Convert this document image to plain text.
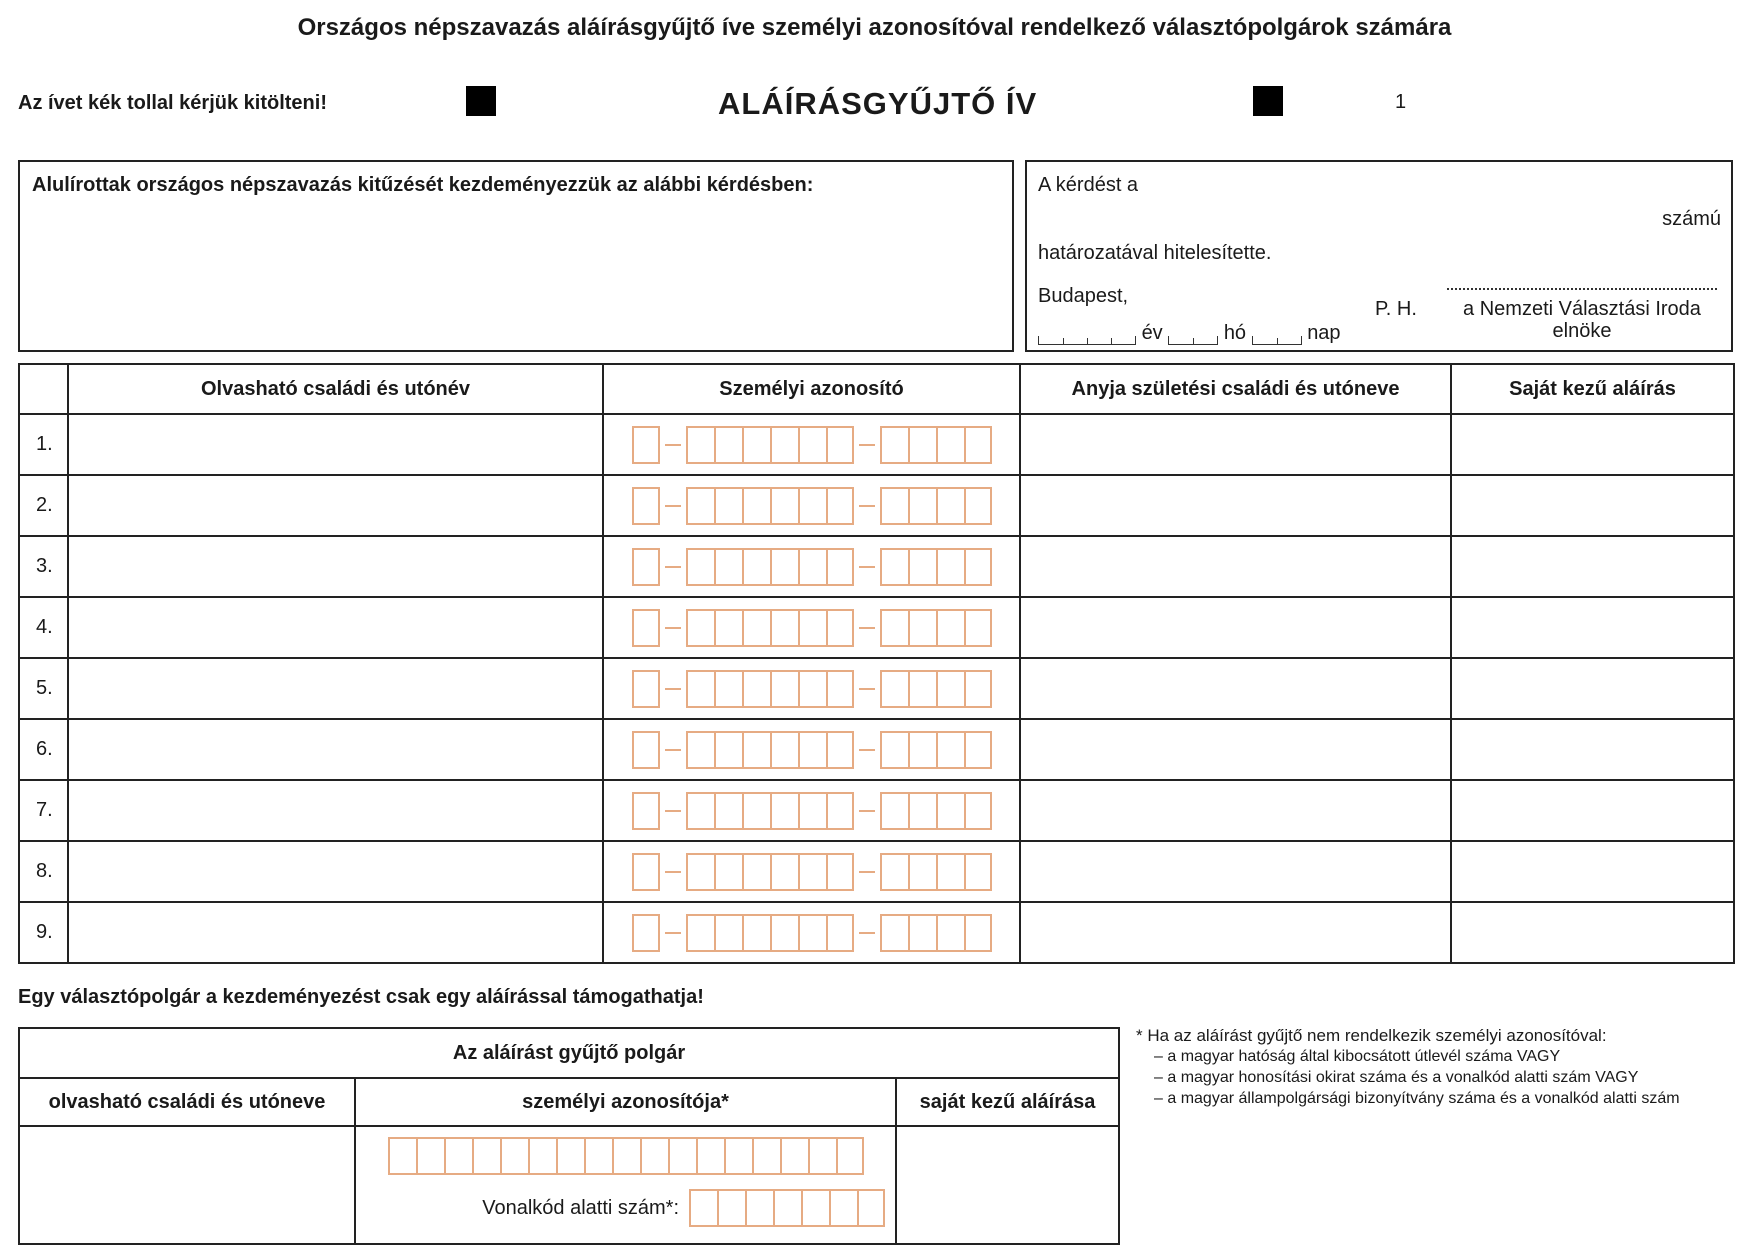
Országos népszavazás aláírásgyűjtő íve személyi azonosítóval rendelkező választópolgárok számára
Az ívet kék tollal kérjük kitölteni!	ALÁÍRÁSGYŰJTŐ ÍV	1
Alulírottak országos népszavazás kitűzését kezdeményezzük az alábbi kérdésben:	A kérdést a
számú
határozatával hitelesítette.
Budapest,
év	hó	nap
P. H.	a Nemzeti Választási Iroda
elnöke
	Olvasható családi és utónév	Személyi azonosító	Anyja születési családi és utóneve	Saját kezű aláírás
1.		

2.		

3.		

4.		

5.		

6.		

7.		

8.		

9.		

Egy választópolgár a kezdeményezést csak egy aláírással támogathatja!
Az aláírást gyűjtő polgár		
olvasható családi és utóneve	személyi azonosítója*	saját kezű aláírása

	Vonalkód alatti szám*:	

* Ha az aláírást gyűjtő nem rendelkezik személyi azonosítóval:
– a magyar hatóság által kibocsátott útlevél száma VAGY
– a magyar honosítási okirat száma és a vonalkód alatti szám VAGY
– a magyar állampolgársági bizonyítvány száma és a vonalkód alatti szám
